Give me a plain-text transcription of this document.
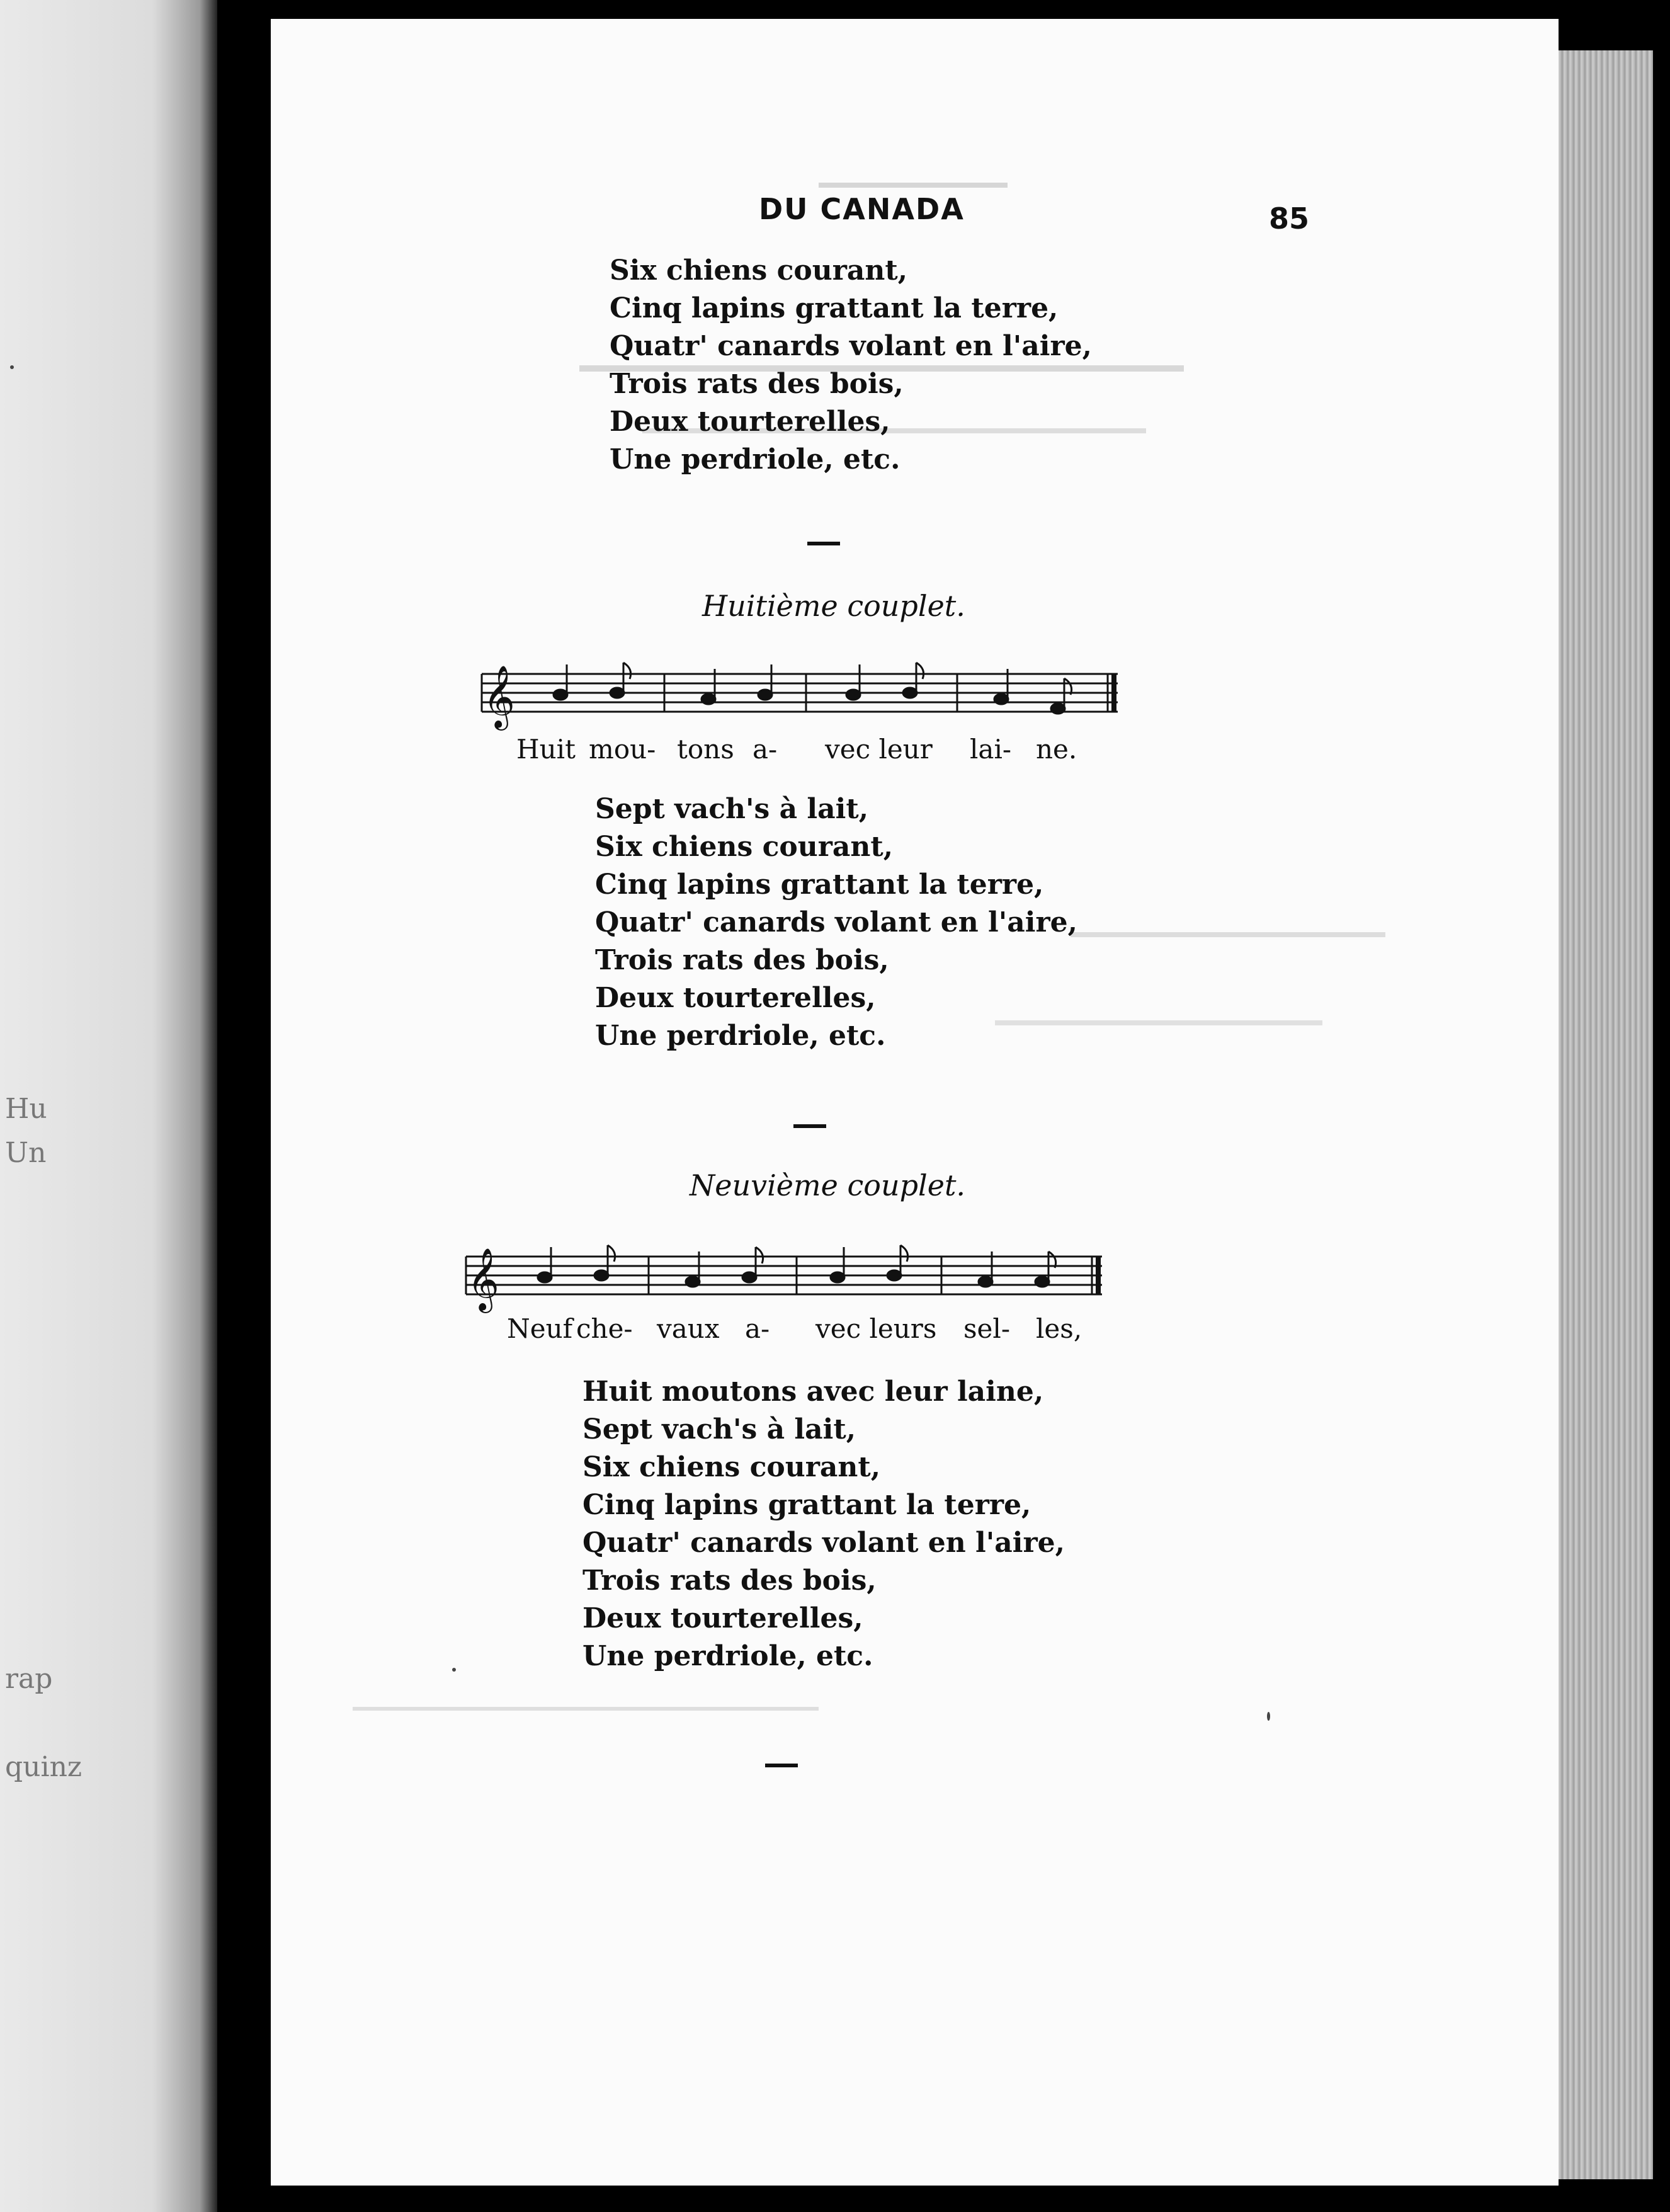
Hu
Un
rap
quinz
DU CANADA	85
Six chiens courant,
Cinq lapins grattant la terre,
Quatr' canards volant en l'aire,
Trois rats des bois,
Deux tourterelles,
Une perdriole, etc.
Huitième couplet.
𝄞
Huit mou- tons a- vec leur lai- ne.
Sept vach's à lait,
Six chiens courant,
Cinq lapins grattant la terre,
Quatr' canards volant en l'aire,
Trois rats des bois,
Deux tourterelles,
Une perdriole, etc.
Neuvième couplet.
𝄞
Neuf che- vaux a- vec leurs sel- les,
Huit moutons avec leur laine,
Sept vach's à lait,
Six chiens courant,
Cinq lapins grattant la terre,
Quatr' canards volant en l'aire,
Trois rats des bois,
Deux tourterelles,
Une perdriole, etc.
